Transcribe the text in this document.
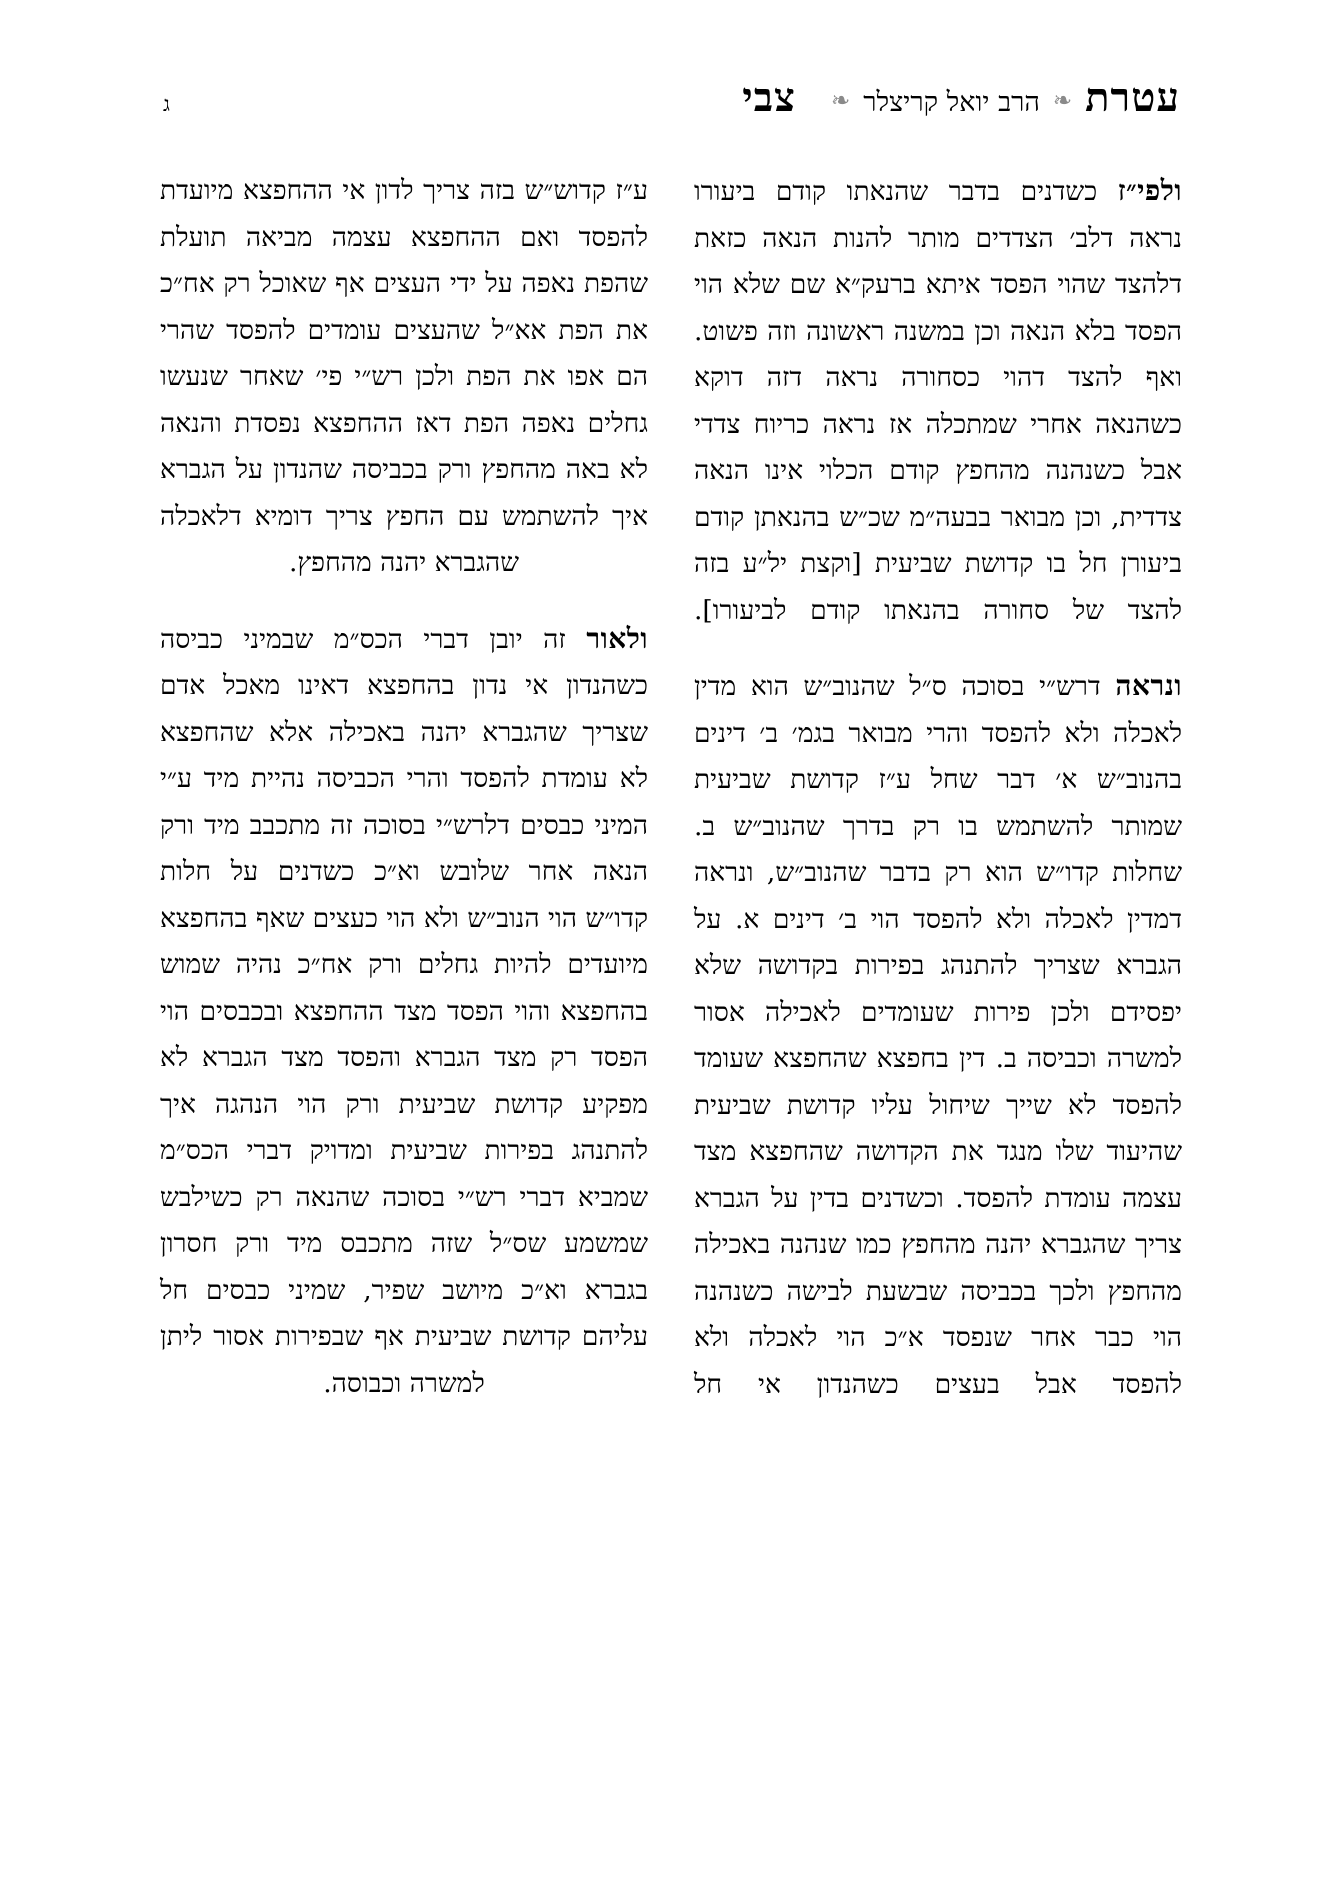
ג	עטרת
❧
הרב יואל קריצלר
❧
צבי

ולפי״ז כשדנים בדבר שהנאתו קודם ביעורו נראה דלב׳ הצדדים מותר להנות הנאה כזאת דלהצד שהוי הפסד איתא ברעק״א שם שלא הוי הפסד בלא הנאה וכן במשנה ראשונה וזה פשוט. ואף להצד דהוי כסחורה נראה דזה דוקא כשהנאה אחרי שמתכלה אז נראה כריוח צדדי אבל כשנהנה מהחפץ קודם הכלוי אינו הנאה צדדית, וכן מבואר בבעה״מ שכ״ש בהנאתן קודם ביעורן חל בו קדושת שביעית [וקצת יל״ע בזה להצד של סחורה בהנאתו קודם לביעורו].

ונראה דרש״י בסוכה ס״ל שהנוב״ש הוא מדין לאכלה ולא להפסד והרי מבואר בגמ׳ ב׳ דינים בהנוב״ש א׳ דבר שחל ע״ז קדושת שביעית שמותר להשתמש בו רק בדרך שהנוב״ש ב. שחלות קדו״ש הוא רק בדבר שהנוב״ש, ונראה דמדין לאכלה ולא להפסד הוי ב׳ דינים א. על הגברא שצריך להתנהג בפירות בקדושה שלא יפסידם ולכן פירות שעומדים לאכילה אסור למשרה וכביסה ב. דין בחפצא שהחפצא שעומד להפסד לא שייך שיחול עליו קדושת שביעית שהיעוד שלו מנגד את הקדושה שהחפצא מצד עצמה עומדת להפסד. וכשדנים בדין על הגברא צריך שהגברא יהנה מהחפץ כמו שנהנה באכילה מהחפץ ולכך בכביסה שבשעת לבישה כשנהנה הוי כבר אחר שנפסד א״כ הוי לאכלה ולא להפסד אבל בעצים כשהנדון אי חל

ע״ז קדוש״ש בזה צריך לדון אי ההחפצא מיועדת להפסד ואם ההחפצא עצמה מביאה תועלת שהפת נאפה על ידי העצים אף שאוכל רק אח״כ את הפת אא״ל שהעצים עומדים להפסד שהרי הם אפו את הפת ולכן רש״י פי׳ שאחר שנעשו גחלים נאפה הפת דאז ההחפצא נפסדת והנאה לא באה מהחפץ ורק בכביסה שהנדון על הגברא איך להשתמש עם החפץ צריך דומיא דלאכלה שהגברא יהנה מהחפץ.

ולאור זה יובן דברי הכס״מ שבמיני כביסה כשהנדון אי נדון בהחפצא דאינו מאכל אדם שצריך שהגברא יהנה באכילה אלא שהחפצא לא עומדת להפסד והרי הכביסה נהיית מיד ע״י המיני כבסים דלרש״י בסוכה זה מתכבב מיד ורק הנאה אחר שלובש וא״כ כשדנים על חלות קדו״ש הוי הנוב״ש ולא הוי כעצים שאף בהחפצא מיועדים להיות גחלים ורק אח״כ נהיה שמוש בהחפצא והוי הפסד מצד ההחפצא ובכבסים הוי הפסד רק מצד הגברא והפסד מצד הגברא לא מפקיע קדושת שביעית ורק הוי הנהגה איך להתנהג בפירות שביעית ומדויק דברי הכס״מ שמביא דברי רש״י בסוכה שהנאה רק כשילבש שמשמע שס״ל שזה מתכבס מיד ורק חסרון בגברא וא״כ מיושב שפיר, שמיני כבסים חל עליהם קדושת שביעית אף שבפירות אסור ליתן למשרה וכבוסה.
